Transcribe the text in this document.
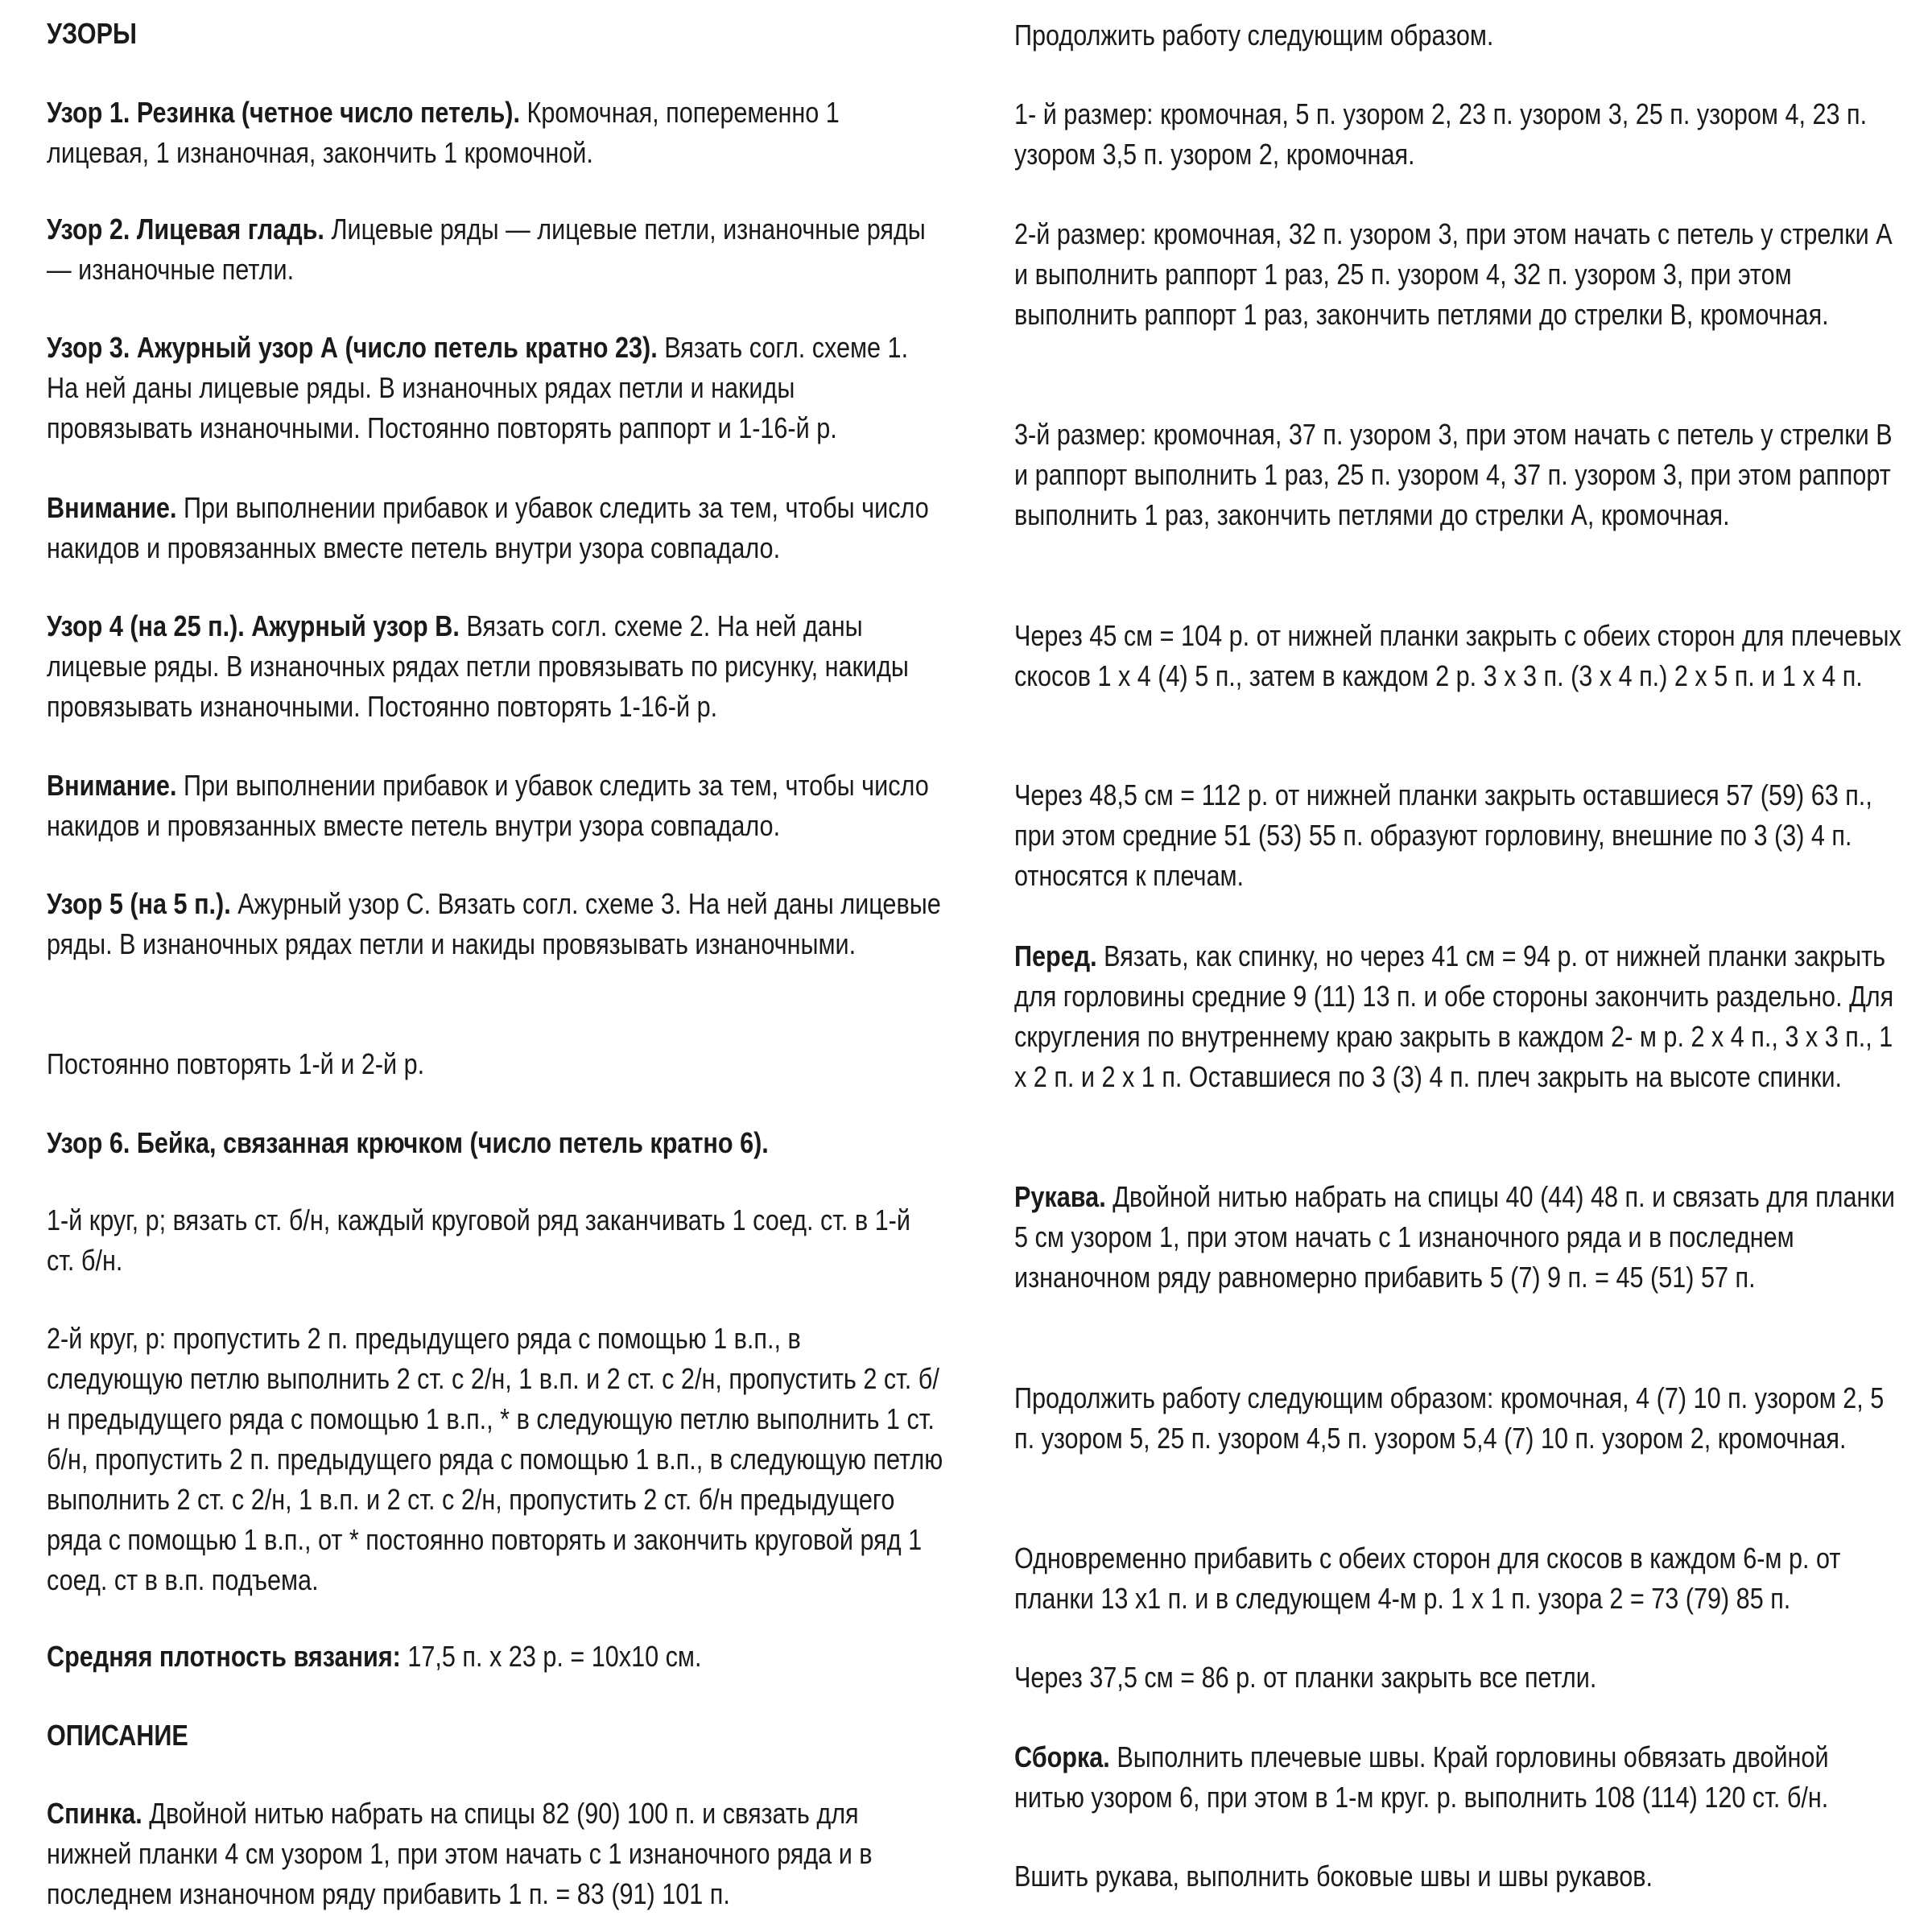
УЗОРЫ

Узор 1. Резинка (четное число петель). Кромочная, попеременно 1 лицевая, 1 изнаночная, закончить 1 кромочной.

Узор 2. Лицевая гладь. Лицевые ряды — лицевые петли, изнаночные ряды — изнаночные петли.

Узор 3. Ажурный узор А (число петель кратно 23). Вязать согл. схеме 1. На ней даны лицевые ряды. В изнаночных рядах петли и накиды провязывать изнаночными. Постоянно повторять раппорт и 1-16-й р.

Внимание. При выполнении прибавок и убавок следить за тем, чтобы число накидов и провязанных вместе петель внутри узора совпадало.

Узор 4 (на 25 п.). Ажурный узор В. Вязать согл. схеме 2. На ней даны лицевые ряды. В изнаночных рядах петли провязывать по рисунку, накиды провязывать изнаночными. Постоянно повторять 1-16-й р.

Внимание. При выполнении прибавок и убавок следить за тем, чтобы число накидов и провязанных вместе петель внутри узора совпадало.

Узор 5 (на 5 п.). Ажурный узор С. Вязать согл. схеме 3. На ней даны лицевые ряды. В изнаночных рядах петли и накиды провязывать изнаночными.

Постоянно повторять 1-й и 2-й р.

Узор 6. Бейка, связанная крючком (число петель кратно 6).

1-й круг, р; вязать ст. б/н, каждый круговой ряд заканчивать 1 соед. ст. в 1-й ст. б/н.

2-й круг, р: пропустить 2 п. предыдущего ряда с помощью 1 в.п., в следующую петлю выполнить 2 ст. с 2/н, 1 в.п. и 2 ст. с 2/н, пропустить 2 ст. б/н предыдущего ряда с помощью 1 в.п., * в следующую петлю выполнить 1 ст. б/н, пропустить 2 п. предыдущего ряда с помощью 1 в.п., в следующую петлю выполнить 2 ст. с 2/н, 1 в.п. и 2 ст. с 2/н, пропустить 2 ст. б/н предыдущего ряда с помощью 1 в.п., от * постоянно повторять и закончить круговой ряд 1 соед. ст в в.п. подъема.

Средняя плотность вязания: 17,5 п. х 23 р. = 10х10 см.

ОПИСАНИЕ

Спинка. Двойной нитью набрать на спицы 82 (90) 100 п. и связать для нижней планки 4 см узором 1, при этом начать с 1 изнаночного ряда и в последнем изнаночном ряду прибавить 1 п. = 83 (91) 101 п.

Продолжить работу следующим образом.

1- й размер: кромочная, 5 п. узором 2, 23 п. узором 3, 25 п. узором 4, 23 п. узором 3,5 п. узором 2, кромочная.

2-й размер: кромочная, 32 п. узором 3, при этом начать с петель у стрелки А и выполнить раппорт 1 раз, 25 п. узором 4, 32 п. узором 3, при этом выполнить раппорт 1 раз, закончить петлями до стрелки В, кромочная.

3-й размер: кромочная, 37 п. узором 3, при этом начать с петель у стрелки В и раппорт выполнить 1 раз, 25 п. узором 4, 37 п. узором 3, при этом раппорт выполнить 1 раз, закончить петлями до стрелки А, кромочная.

Через 45 см = 104 р. от нижней планки закрыть с обеих сторон для плечевых скосов 1 х 4 (4) 5 п., затем в каждом 2 р. 3 х 3 п. (3 х 4 п.) 2 х 5 п. и 1 х 4 п.

Через 48,5 см = 112 р. от нижней планки закрыть оставшиеся 57 (59) 63 п., при этом средние 51 (53) 55 п. образуют горловину, внешние по 3 (3) 4 п. относятся к плечам.

Перед. Вязать, как спинку, но через 41 см = 94 р. от нижней планки закрыть для горловины средние 9 (11) 13 п. и обе стороны закончить раздельно. Для скругления по внутреннему краю закрыть в каждом 2- м р. 2 х 4 п., 3 х 3 п., 1 х 2 п. и 2 х 1 п. Оставшиеся по 3 (3) 4 п. плеч закрыть на высоте спинки.

Рукава. Двойной нитью набрать на спицы 40 (44) 48 п. и связать для планки 5 см узором 1, при этом начать с 1 изнаночного ряда и в последнем изнаночном ряду равномерно прибавить 5 (7) 9 п. = 45 (51) 57 п.

Продолжить работу следующим образом: кромочная, 4 (7) 10 п. узором 2, 5 п. узором 5, 25 п. узором 4,5 п. узором 5,4 (7) 10 п. узором 2, кромочная.

Одновременно прибавить с обеих сторон для скосов в каждом 6-м р. от планки 13 х1 п. и в следующем 4-м р. 1 х 1 п. узора 2 = 73 (79) 85 п.

Через 37,5 см = 86 р. от планки закрыть все петли.

Сборка. Выполнить плечевые швы. Край горловины обвязать двойной нитью узором 6, при этом в 1-м круг. р. выполнить 108 (114) 120 ст. б/н.

Вшить рукава, выполнить боковые швы и швы рукавов.
